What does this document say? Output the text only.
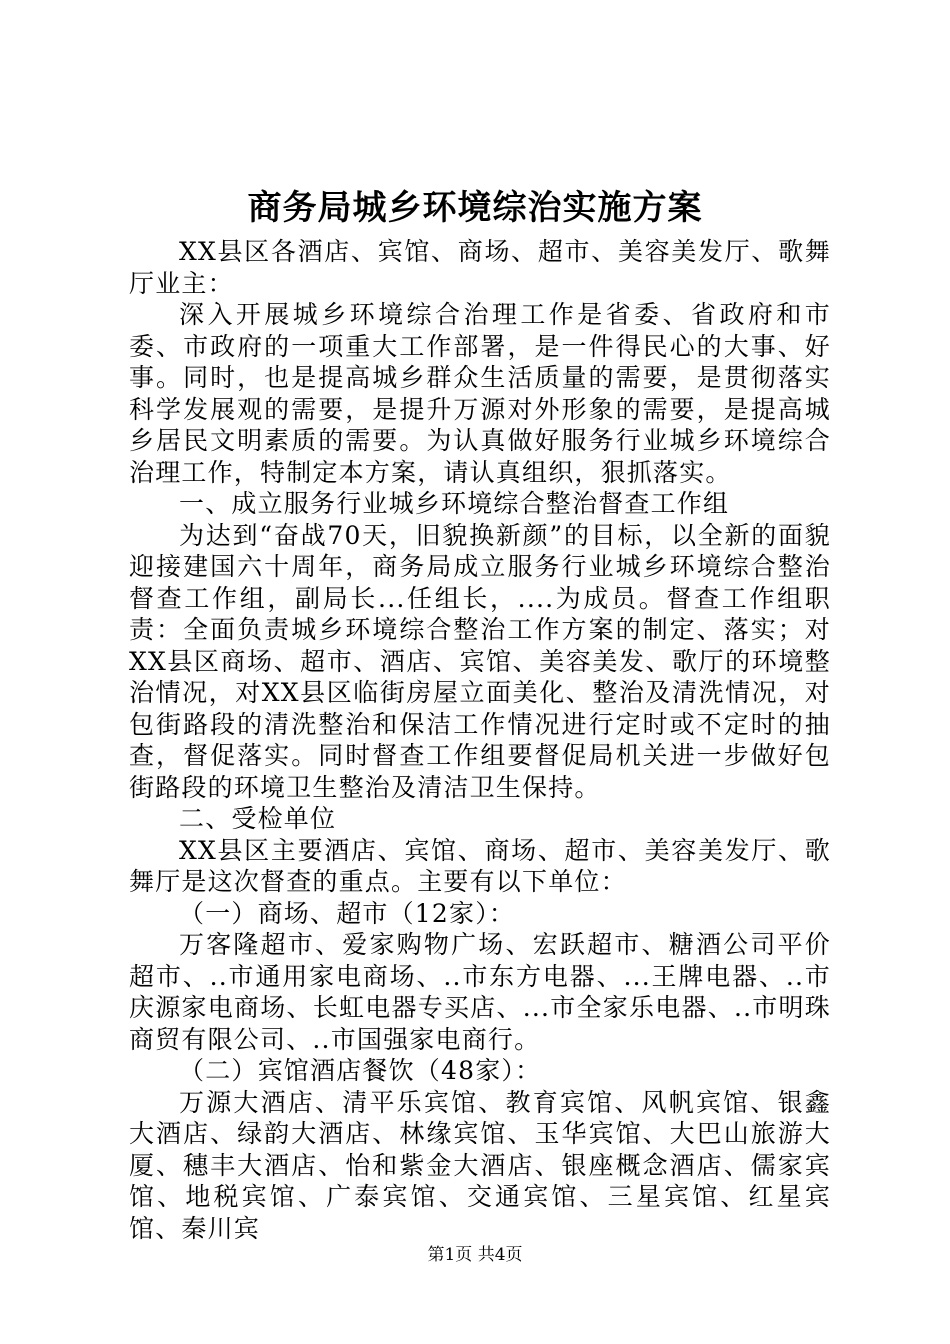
商务局城乡环境综治实施方案

XX县区各酒店、宾馆、商场、超市、美容美发厅、歌舞厅业主：

深入开展城乡环境综合治理工作是省委、省政府和市委、市政府的一项重大工作部署，是一件得民心的大事、好事。同时，也是提高城乡群众生活质量的需要，是贯彻落实科学发展观的需要，是提升万源对外形象的需要，是提高城乡居民文明素质的需要。为认真做好服务行业城乡环境综合治理工作，特制定本方案，请认真组织，狠抓落实。

一、成立服务行业城乡环境综合整治督查工作组

为达到“奋战70天，旧貌换新颜”的目标，以全新的面貌迎接建国六十周年，商务局成立服务行业城乡环境综合整治督查工作组，副局长...任组长，....为成员。督查工作组职责：全面负责城乡环境综合整治工作方案的制定、落实；对XX县区商场、超市、酒店、宾馆、美容美发、歌厅的环境整治情况，对XX县区临街房屋立面美化、整治及清洗情况，对包街路段的清洗整治和保洁工作情况进行定时或不定时的抽查，督促落实。同时督查工作组要督促局机关进一步做好包街路段的环境卫生整治及清洁卫生保持。

二、受检单位

XX县区主要酒店、宾馆、商场、超市、美容美发厅、歌舞厅是这次督查的重点。主要有以下单位：

（一）商场、超市（12家）：

万客隆超市、爱家购物广场、宏跃超市、糖酒公司平价超市、..市通用家电商场、..市东方电器、...王牌电器、..市庆源家电商场、长虹电器专买店、...市全家乐电器、..市明珠商贸有限公司、..市国强家电商行。

（二）宾馆酒店餐饮（48家）：

万源大酒店、清平乐宾馆、教育宾馆、风帆宾馆、银鑫大酒店、绿韵大酒店、林缘宾馆、玉华宾馆、大巴山旅游大厦、穗丰大酒店、怡和紫金大酒店、银座概念酒店、儒家宾馆、地税宾馆、广泰宾馆、交通宾馆、三星宾馆、红星宾馆、秦川宾

第1页 共4页
